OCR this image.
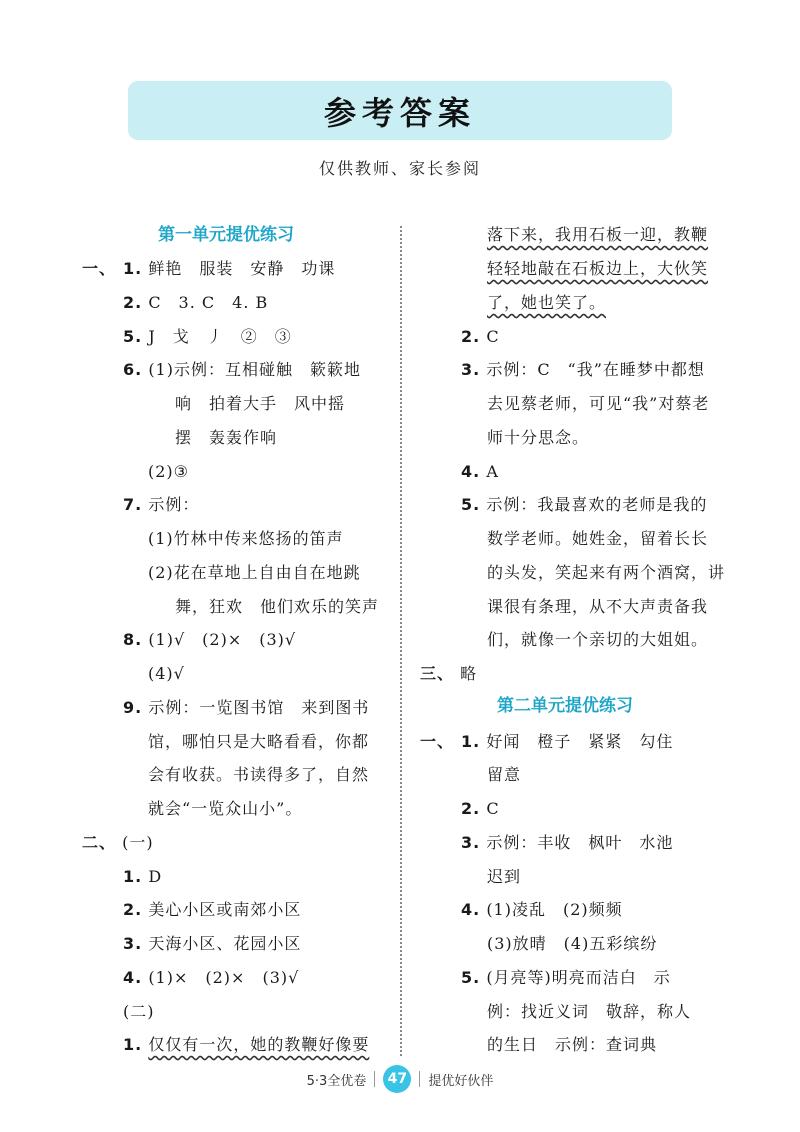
参考答案
仅供教师、家长参阅
第一单元提优练习
一、 1. 鲜艳　服装　安静　功课
2. C　3. C　4. B
5. J　戈　丿　②　③
6. (1)示例：互相碰触　簌簌地
响　拍着大手　风中摇
摆　轰轰作响
(2)③
7. 示例：
(1)竹林中传来悠扬的笛声
(2)花在草地上自由自在地跳
舞，狂欢　他们欢乐的笑声
8. (1)√　(2)×　(3)√
(4)√
9. 示例：一览图书馆　来到图书
馆，哪怕只是大略看看，你都
会有收获。书读得多了，自然
就会“一览众山小”。
二、 (一)
1. D
2. 美心小区或南郊小区
3. 天海小区、花园小区
4. (1)×　(2)×　(3)√
(二)
1. 仅仅有一次，她的教鞭好像要
落下来，我用石板一迎，教鞭
轻轻地敲在石板边上，大伙笑
了，她也笑了。
2. C
3. 示例：C　“我”在睡梦中都想
去见蔡老师，可见“我”对蔡老
师十分思念。
4. A
5. 示例：我最喜欢的老师是我的
数学老师。她姓金，留着长长
的头发，笑起来有两个酒窝，讲
课很有条理，从不大声责备我
们，就像一个亲切的大姐姐。
三、 略
第二单元提优练习
一、 1. 好闻　橙子　紧紧　勾住
留意
2. C
3. 示例：丰收　枫叶　水池
迟到
4. (1)凌乱　(2)频频
(3)放晴　(4)五彩缤纷
5. (月亮等)明亮而洁白　示
例：找近义词　敬辞，称人
的生日　示例：查词典
5·3全优卷	47	提优好伙伴
